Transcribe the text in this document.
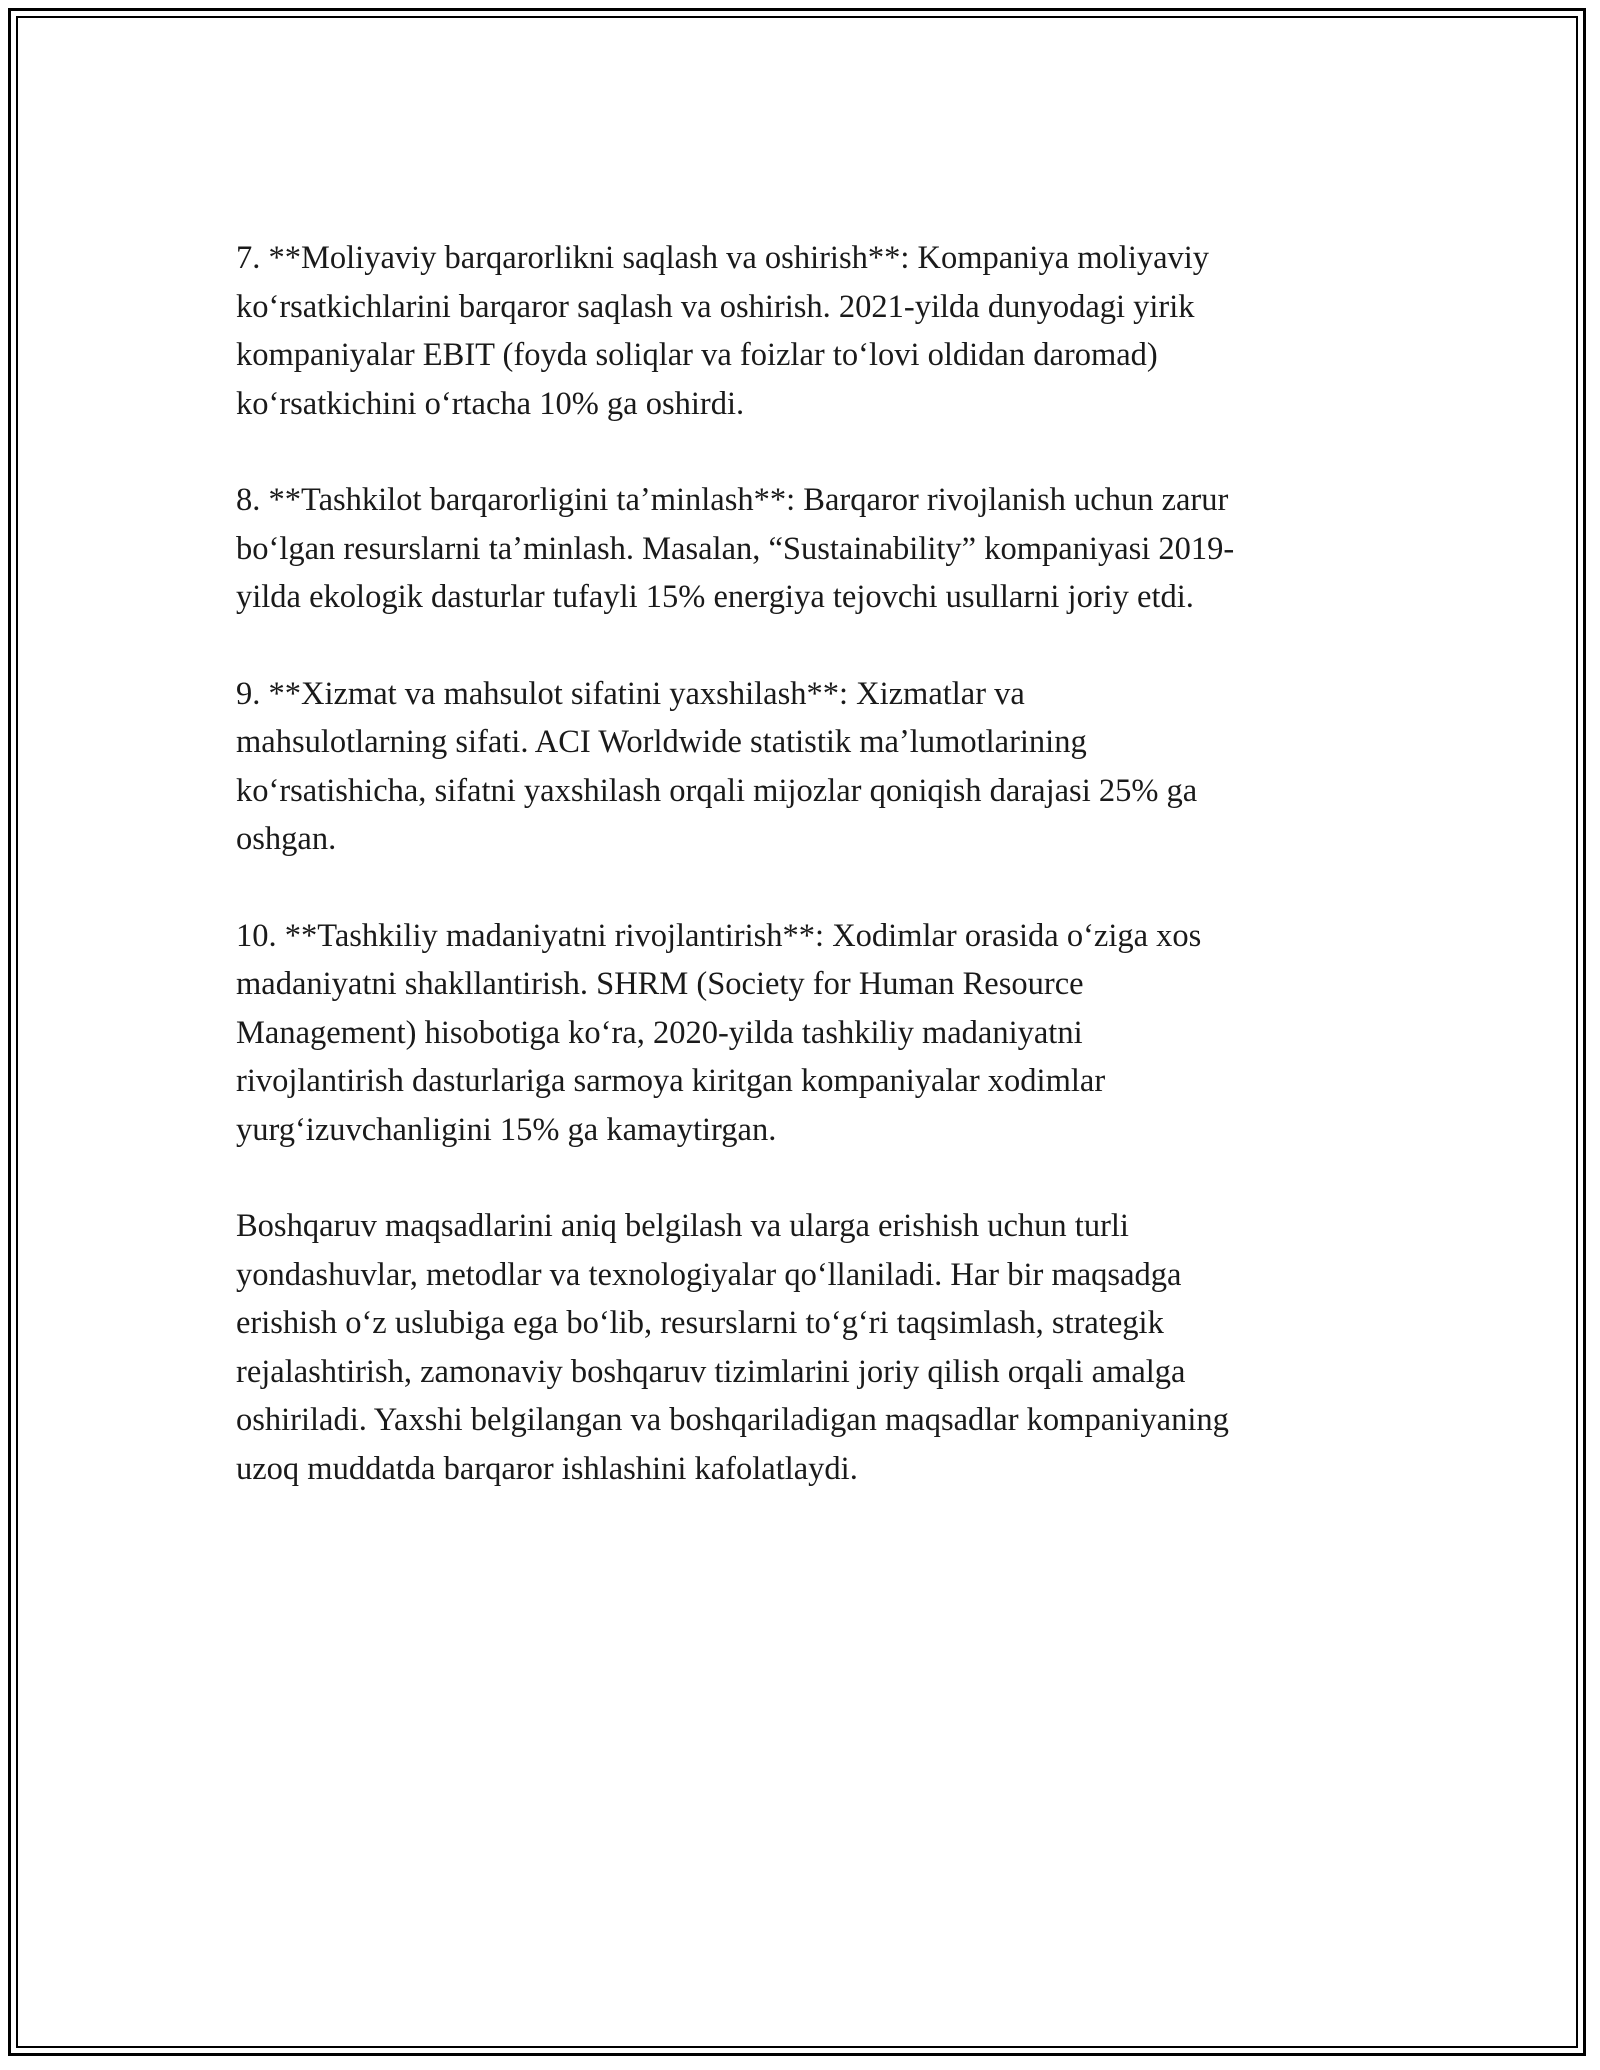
7. **Moliyaviy barqarorlikni saqlash va oshirish**: Kompaniya moliyaviy
koʻrsatkichlarini barqaror saqlash va oshirish. 2021-yilda dunyodagi yirik
kompaniyalar EBIT (foyda soliqlar va foizlar toʻlovi oldidan daromad)
koʻrsatkichini oʻrtacha 10% ga oshirdi.

8. **Tashkilot barqarorligini taʼminlash**: Barqaror rivojlanish uchun zarur
boʻlgan resurslarni taʼminlash. Masalan, “Sustainability” kompaniyasi 2019-
yilda ekologik dasturlar tufayli 15% energiya tejovchi usullarni joriy etdi.

9. **Xizmat va mahsulot sifatini yaxshilash**: Xizmatlar va
mahsulotlarning sifati. ACI Worldwide statistik maʼlumotlarining
koʻrsatishicha, sifatni yaxshilash orqali mijozlar qoniqish darajasi 25% ga
oshgan.

10. **Tashkiliy madaniyatni rivojlantirish**: Xodimlar orasida oʻziga xos
madaniyatni shakllantirish. SHRM (Society for Human Resource
Management) hisobotiga koʻra, 2020-yilda tashkiliy madaniyatni
rivojlantirish dasturlariga sarmoya kiritgan kompaniyalar xodimlar
yurgʻizuvchanligini 15% ga kamaytirgan.

Boshqaruv maqsadlarini aniq belgilash va ularga erishish uchun turli
yondashuvlar, metodlar va texnologiyalar qoʻllaniladi. Har bir maqsadga
erishish oʻz uslubiga ega boʻlib, resurslarni toʻgʻri taqsimlash, strategik
rejalashtirish, zamonaviy boshqaruv tizimlarini joriy qilish orqali amalga
oshiriladi. Yaxshi belgilangan va boshqariladigan maqsadlar kompaniyaning
uzoq muddatda barqaror ishlashini kafolatlaydi.
